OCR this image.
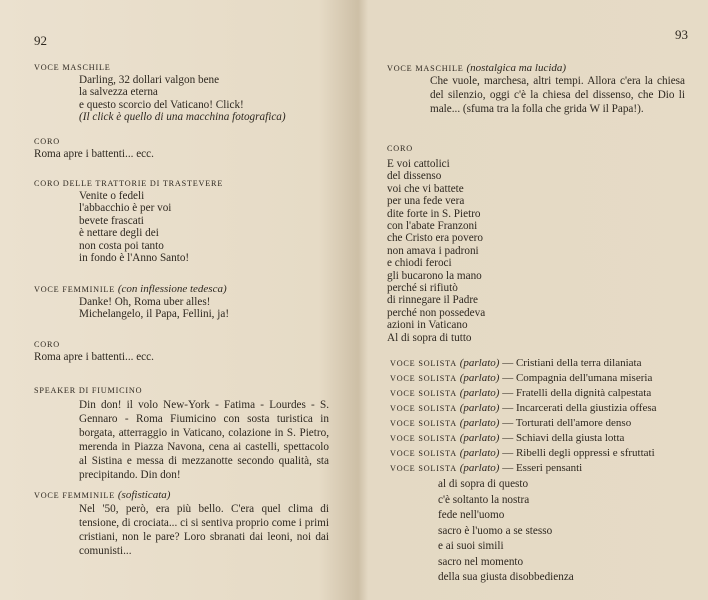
92
VOCE MASCHILE
Darling, 32 dollari valgon bene
la salvezza eterna
e questo scorcio del Vaticano! Click!
(Il click è quello di una macchina fotografica)
CORO
Roma apre i battenti... ecc.
CORO DELLE TRATTORIE DI TRASTEVERE
Venite o fedeli
l'abbacchio è per voi
bevete frascati
è nettare degli dei
non costa poi tanto
in fondo è l'Anno Santo!
VOCE FEMMINILE (con inflessione tedesca)
Danke! Oh, Roma uber alles!
Michelangelo, il Papa, Fellini, ja!
CORO
Roma apre i battenti... ecc.
SPEAKER DI FIUMICINO
Din don! il volo New-York - Fatima - Lourdes - S. Gennaro - Roma Fiumicino con sosta turistica in borgata, atterraggio in Vaticano, colazione in S. Pietro, merenda in Piazza Navona, cena ai castelli, spettacolo al Sistina e messa di mezzanotte secondo qualità, sta precipitando. Din don!
VOCE FEMMINILE (sofisticata)
Nel '50, però, era più bello. C'era quel clima di tensione, di crociata... ci si sentiva proprio come i primi cristiani, non le pare? Loro sbranati dai leoni, noi dai comunisti...
93
VOCE MASCHILE (nostalgica ma lucida)
Che vuole, marchesa, altri tempi. Allora c'era la chiesa del silenzio, oggi c'è la chiesa del dissenso, che Dio li male... (sfuma tra la folla che grida W il Papa!).
CORO
E voi cattolici
del dissenso
voi che vi battete
per una fede vera
dite forte in S. Pietro
con l'abate Franzoni
che Cristo era povero
non amava i padroni
e chiodi feroci
gli bucarono la mano
perché si rifiutò
di rinnegare il Padre
perché non possedeva
azioni in Vaticano
Al di sopra di tutto
VOCE SOLISTA (parlato) — Cristiani della terra dilaniata
VOCE SOLISTA (parlato) — Compagnia dell'umana miseria
VOCE SOLISTA (parlato) — Fratelli della dignità calpestata
VOCE SOLISTA (parlato) — Incarcerati della giustizia offesa
VOCE SOLISTA (parlato) — Torturati dell'amore denso
VOCE SOLISTA (parlato) — Schiavi della giusta lotta
VOCE SOLISTA (parlato) — Ribelli degli oppressi e sfruttati
VOCE SOLISTA (parlato) — Esseri pensanti
al di sopra di questo
c'è soltanto la nostra
fede nell'uomo
sacro è l'uomo a se stesso
e ai suoi simili
sacro nel momento
della sua giusta disobbedienza
